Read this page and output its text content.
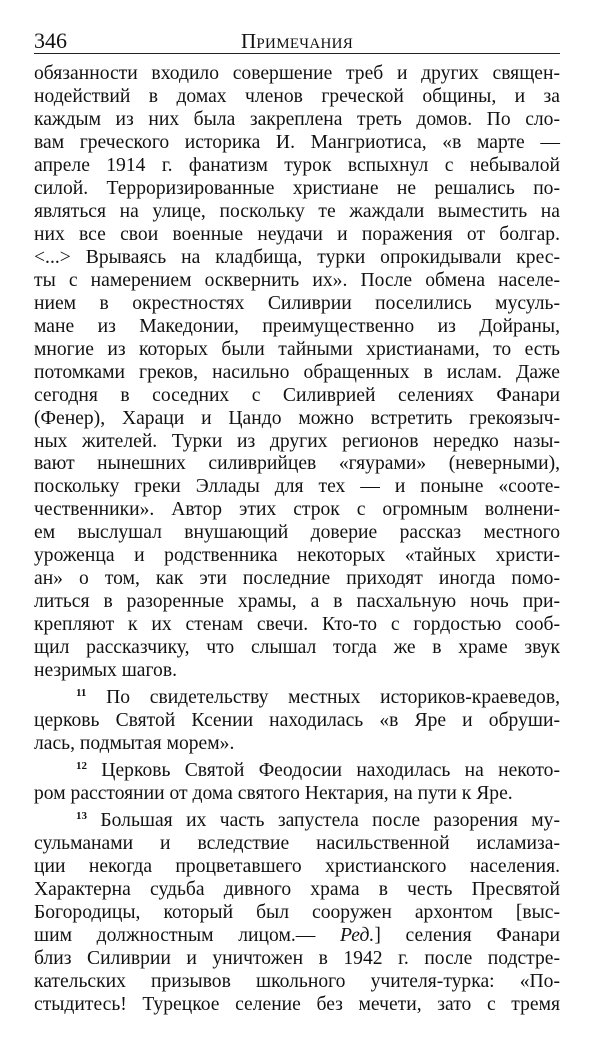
346	Примечания
обязанности входило совершение треб и других священ-
нодействий в домах членов греческой общины, и за
каждым из них была закреплена треть домов. По сло-
вам греческого историка И. Мангриотиса, «в марте —
апреле 1914 г. фанатизм турок вспыхнул с небывалой
силой. Терроризированные христиане не решались по-
являться на улице, поскольку те жаждали выместить на
них все свои военные неудачи и поражения от болгар.
<...> Врываясь на кладбища, турки опрокидывали крес-
ты с намерением осквернить их». После обмена населе-
нием в окрестностях Силиврии поселились мусуль-
мане из Македонии, преимущественно из Дойраны,
многие из которых были тайными христианами, то есть
потомками греков, насильно обращенных в ислам. Даже
сегодня в соседних с Силиврией селениях Фанари
(Фенер), Хараци и Цандо можно встретить грекоязыч-
ных жителей. Турки из других регионов нередко назы-
вают нынешних силиврийцев «гяурами» (неверными),
поскольку греки Эллады для тех — и поныне «соотe-
чественники». Автор этих строк с огромным волнени-
ем выслушал внушающий доверие рассказ местного
уроженца и родственника некоторых «тайных христи-
ан» о том, как эти последние приходят иногда помо-
литься в разоренные храмы, а в пасхальную ночь при-
крепляют к их стенам свечи. Кто-то с гордостью сооб-
щил рассказчику, что слышал тогда же в храме звук
незримых шагов.
$^{11}$ По свидетельству местных историков-краеведов,
церковь Святой Ксении находилась «в Яре и обруши-
лась, подмытая морем».
$^{12}$ Церковь Святой Феодосии находилась на некото-
ром расстоянии от дома святого Нектария, на пути к Яре.
$^{13}$ Большая их часть запустела после разорения му-
сульманами и вследствие насильственной исламиза-
ции некогда процветавшего христианского населения.
Характерна судьба дивного храма в честь Пресвятой
Богородицы, который был сооружен архонтом [выс-
шим должностным лицом.— Ред.] селения Фанари
близ Силиврии и уничтожен в 1942 г. после подстре-
кательских призывов школьного учителя-турка: «По-
стыдитесь! Турецкое селение без мечети, зато с тремя
